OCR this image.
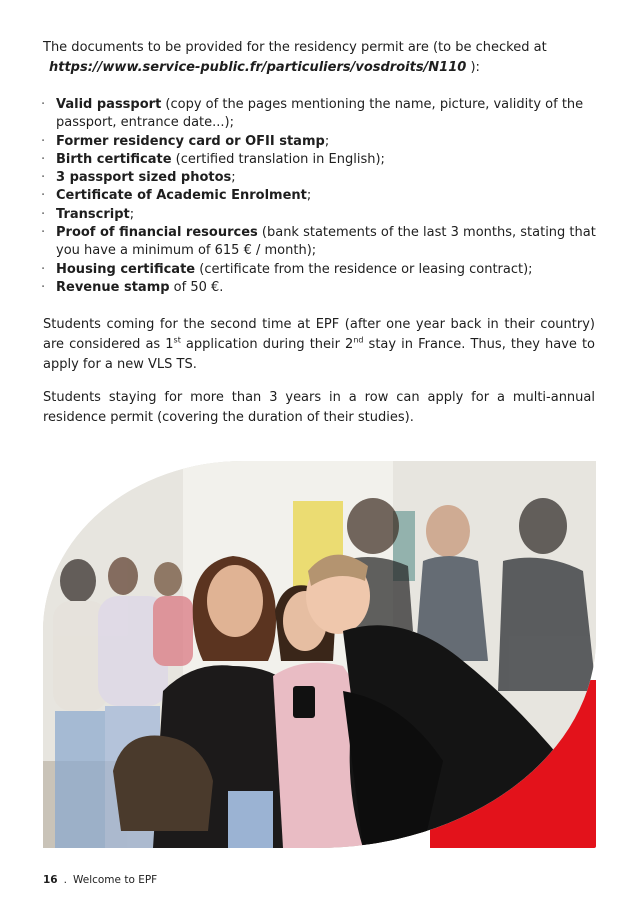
The documents to be provided for the residency permit are (to be checked at
https://www.service-public.fr/particuliers/vosdroits/N110 ):

· Valid passport (copy of the pages mentioning the name, picture, validity of the passport, entrance date...);
· Former residency card or OFII stamp;
· Birth certificate (certified translation in English);
· 3 passport sized photos;
· Certificate of Academic Enrolment;
· Transcript;
· Proof of financial resources (bank statements of the last 3 months, stating that you have a minimum of 615 € / month);
· Housing certificate (certificate from the residence or leasing contract);
· Revenue stamp of 50 €.

Students coming for the second time at EPF (after one year back in their country) are considered as 1st application during their 2nd stay in France. Thus, they have to apply for a new VLS TS.

Students staying for more than 3 years in a row can apply for a multi-annual residence permit (covering the duration of their studies).

16 . Welcome to EPF
